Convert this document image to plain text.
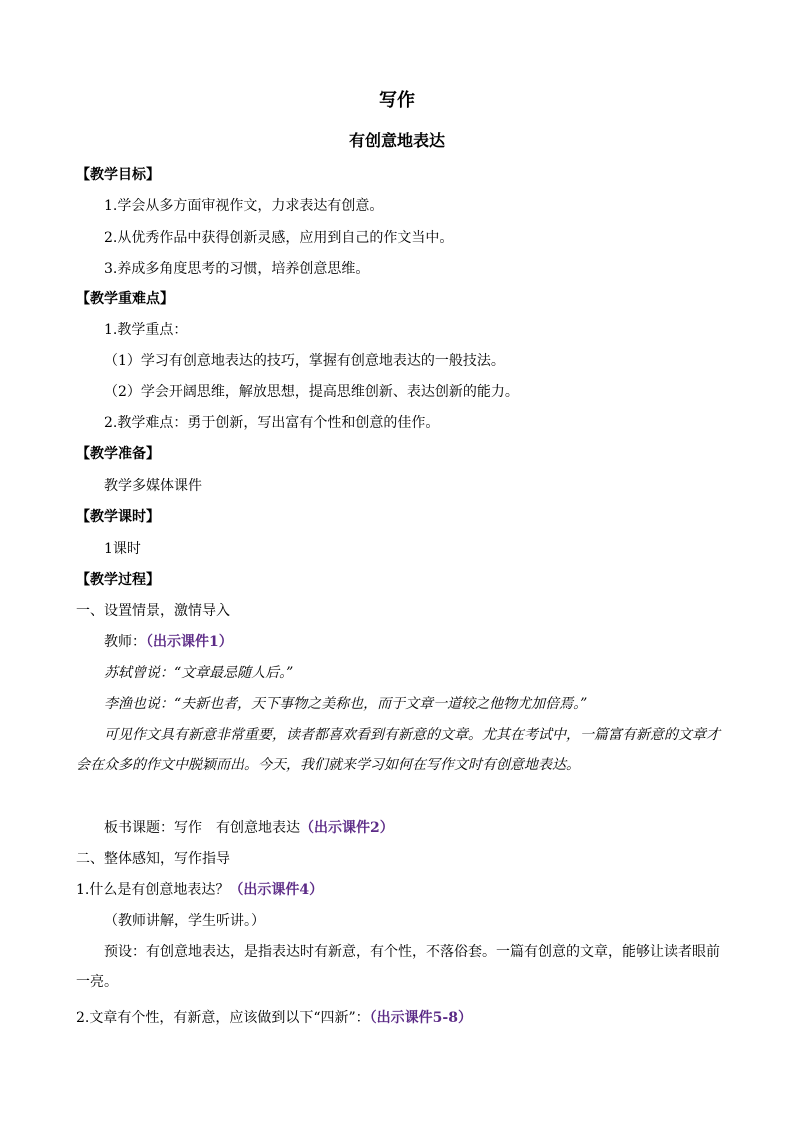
写作
有创意地表达
【教学目标】
1.学会从多方面审视作文，力求表达有创意。
2.从优秀作品中获得创新灵感，应用到自己的作文当中。
3.养成多角度思考的习惯，培养创意思维。
【教学重难点】
1.教学重点：
（1）学习有创意地表达的技巧，掌握有创意地表达的一般技法。
（2）学会开阔思维，解放思想，提高思维创新、表达创新的能力。
2.教学难点：勇于创新，写出富有个性和创意的佳作。
【教学准备】
教学多媒体课件
【教学课时】
1课时
【教学过程】
一、设置情景，激情导入
教师：（出示课件1）
苏轼曾说：“文章最忌随人后。”
李渔也说：“夫新也者，天下事物之美称也，而于文章一道较之他物尤加倍焉。”
可见作文具有新意非常重要，读者都喜欢看到有新意的文章。尤其在考试中，一篇富有新意的文章才会在众多的作文中脱颖而出。今天，我们就来学习如何在写作文时有创意地表达。
板书课题：写作　有创意地表达（出示课件2）
二、整体感知，写作指导
1.什么是有创意地表达？（出示课件4）
（教师讲解，学生听讲。）
预设：有创意地表达，是指表达时有新意，有个性，不落俗套。一篇有创意的文章，能够让读者眼前一亮。
2.文章有个性，有新意，应该做到以下“四新”：（出示课件5-8）
